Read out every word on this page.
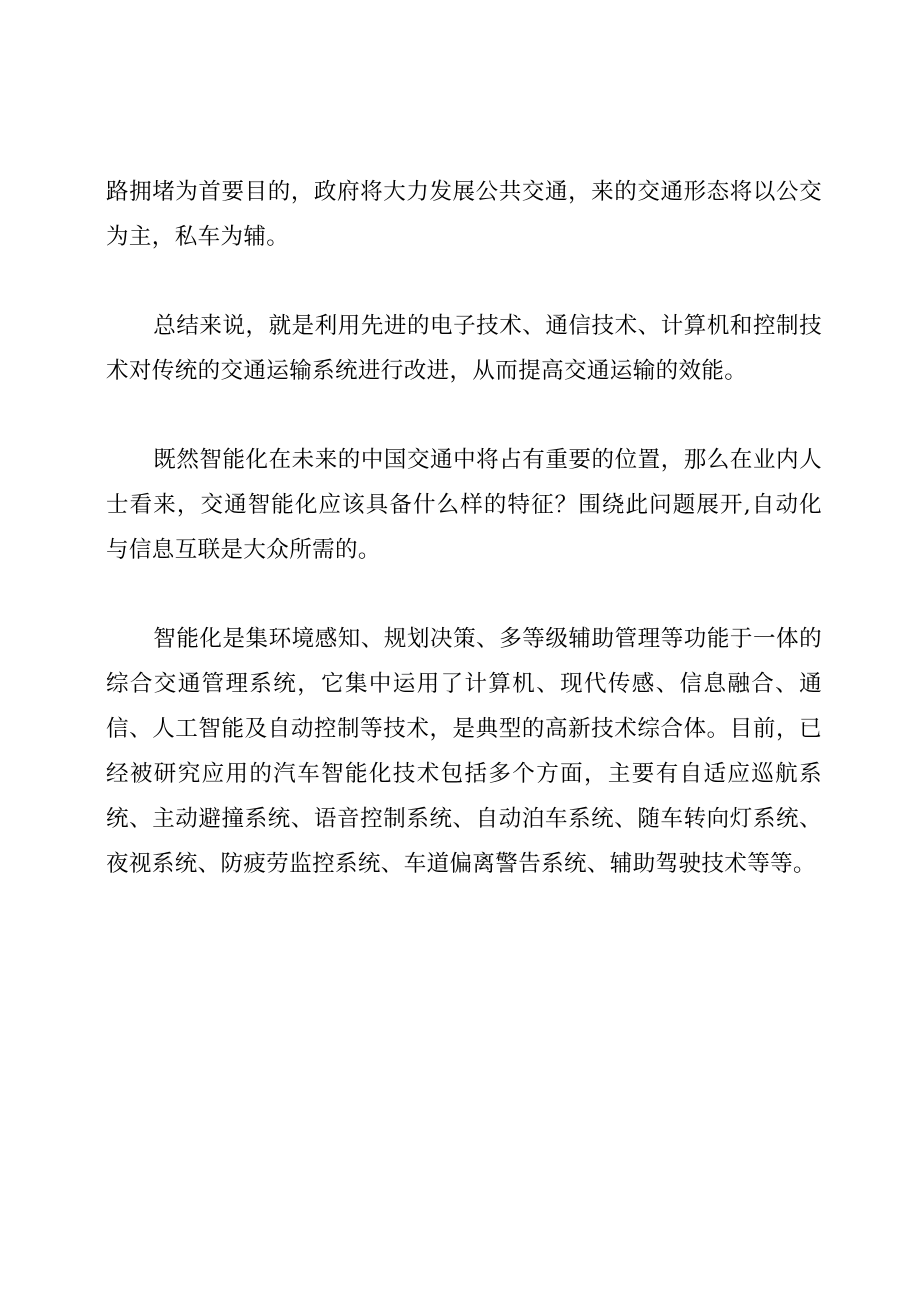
路拥堵为首要目的，政府将大力发展公共交通，来的交通形态将以公交为主，私车为辅。

总结来说，就是利用先进的电子技术、通信技术、计算机和控制技术对传统的交通运输系统进行改进，从而提高交通运输的效能。

既然智能化在未来的中国交通中将占有重要的位置，那么在业内人士看来，交通智能化应该具备什么样的特征？围绕此问题展开,自动化与信息互联是大众所需的。

智能化是集环境感知、规划决策、多等级辅助管理等功能于一体的综合交通管理系统，它集中运用了计算机、现代传感、信息融合、通信、人工智能及自动控制等技术，是典型的高新技术综合体。目前，已经被研究应用的汽车智能化技术包括多个方面，主要有自适应巡航系统、主动避撞系统、语音控制系统、自动泊车系统、随车转向灯系统、夜视系统、防疲劳监控系统、车道偏离警告系统、辅助驾驶技术等等。
